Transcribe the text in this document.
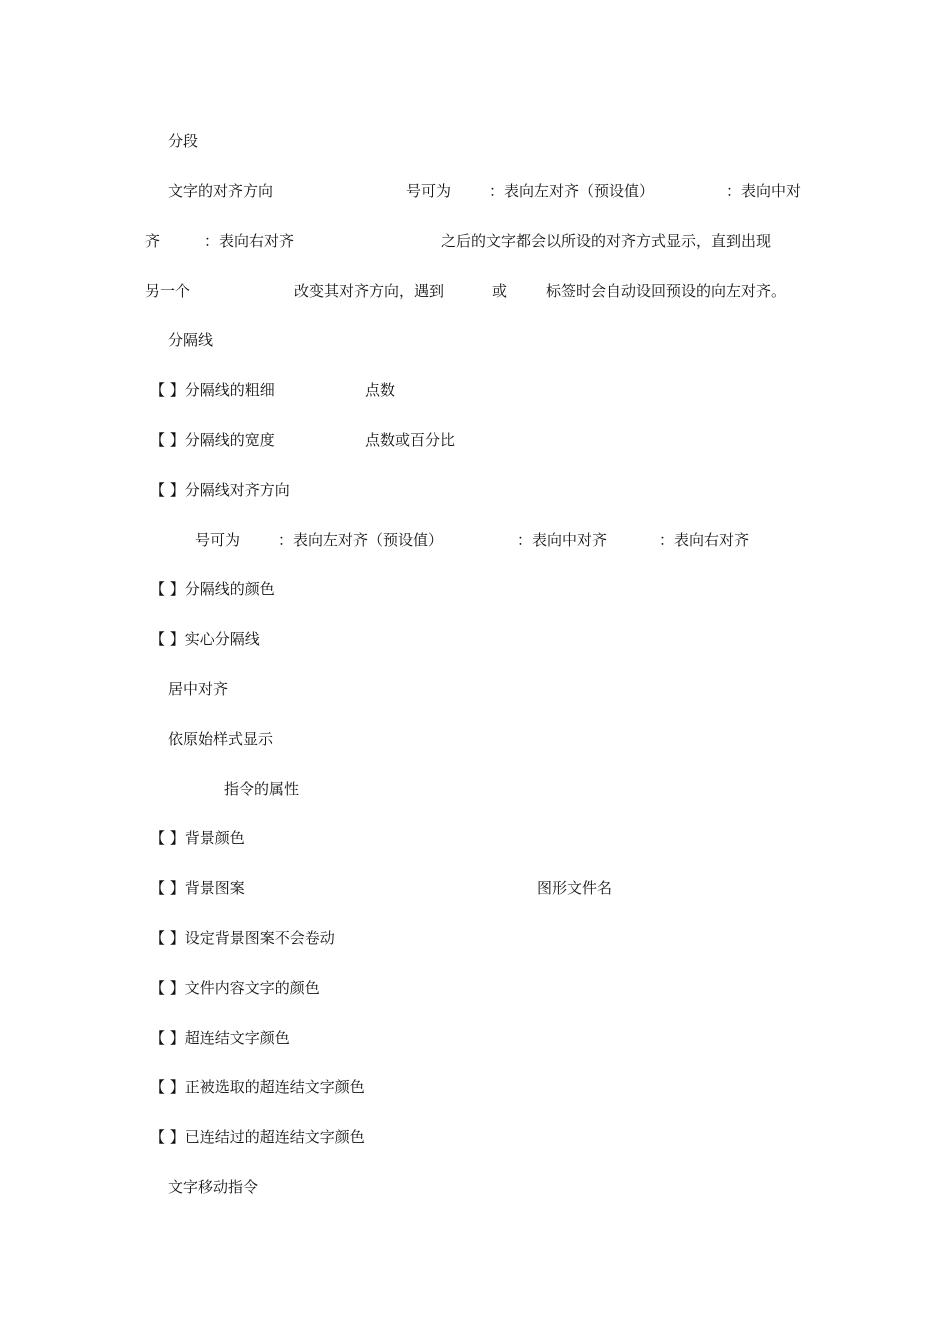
分段
文字的对齐方向	号可为	：表向左对齐（预设值）	：表向中对
齐	：表向右对齐	之后的文字都会以所设的对齐方式显示，直到出现
另一个	改变其对齐方向，遇到	或	标签时会自动设回预设的向左对齐。
分隔线
【 】分隔线的粗细	点数
【 】分隔线的宽度	点数或百分比
【 】分隔线对齐方向
号可为	：表向左对齐（预设值）	：表向中对齐	：表向右对齐
【 】分隔线的颜色
【 】实心分隔线
居中对齐
依原始样式显示
指令的属性
【 】背景颜色
【 】背景图案	图形文件名
【 】设定背景图案不会卷动
【 】文件内容文字的颜色
【 】超连结文字颜色
【 】正被选取的超连结文字颜色
【 】已连结过的超连结文字颜色
文字移动指令
